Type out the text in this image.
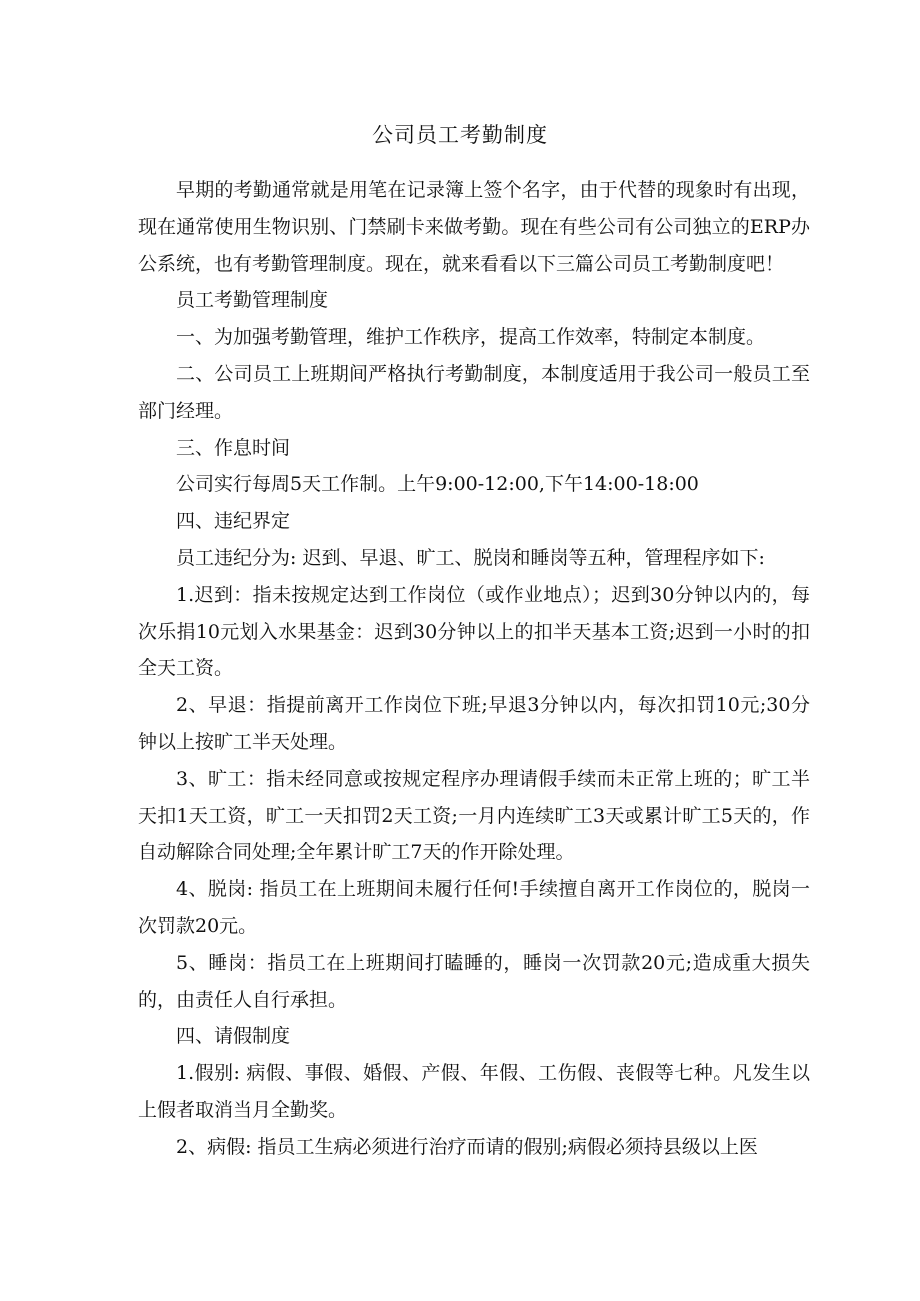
公司员工考勤制度

早期的考勤通常就是用笔在记录簿上签个名字，由于代替的现象时有出现，现在通常使用生物识别、门禁刷卡来做考勤。现在有些公司有公司独立的ERP办公系统，也有考勤管理制度。现在，就来看看以下三篇公司员工考勤制度吧！

员工考勤管理制度

一、为加强考勤管理，维护工作秩序，提高工作效率，特制定本制度。

二、公司员工上班期间严格执行考勤制度，本制度适用于我公司一般员工至部门经理。

三、作息时间

公司实行每周5天工作制。上午9:00-12:00,下午14:00-18:00

四、违纪界定

员工违纪分为: 迟到、早退、旷工、脱岗和睡岗等五种，管理程序如下:

1.迟到：指未按规定达到工作岗位（或作业地点）；迟到30分钟以内的，每次乐捐10元划入水果基金：迟到30分钟以上的扣半天基本工资;迟到一小时的扣全天工资。

2、早退：指提前离开工作岗位下班;早退3分钟以内，每次扣罚10元;30分钟以上按旷工半天处理。

3、旷工：指未经同意或按规定程序办理请假手续而未正常上班的；旷工半天扣1天工资，旷工一天扣罚2天工资;一月内连续旷工3天或累计旷工5天的，作自动解除合同处理;全年累计旷工7天的作开除处理。

4、脱岗: 指员工在上班期间未履行任何!手续擅自离开工作岗位的，脱岗一次罚款20元。

5、睡岗：指员工在上班期间打瞌睡的，睡岗一次罚款20元;造成重大损失的，由责任人自行承担。

四、请假制度

1.假别: 病假、事假、婚假、产假、年假、工伤假、丧假等七种。凡发生以上假者取消当月全勤奖。

2、病假: 指员工生病必须进行治疗而请的假别;病假必须持县级以上医
